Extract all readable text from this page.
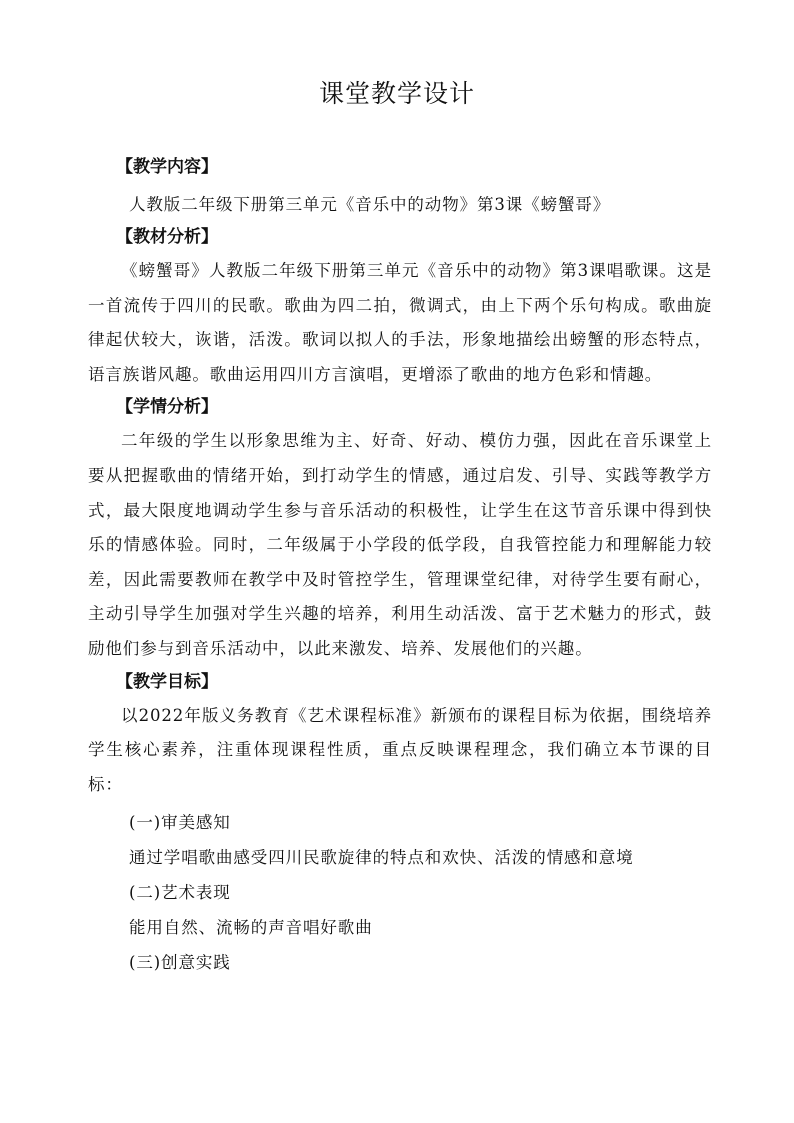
课堂教学设计

【教学内容】

人教版二年级下册第三单元《音乐中的动物》第3课《螃蟹哥》

【教材分析】

《螃蟹哥》人教版二年级下册第三单元《音乐中的动物》第3课唱歌课。这是一首流传于四川的民歌。歌曲为四二拍，微调式，由上下两个乐句构成。歌曲旋律起伏较大，诙谐，活泼。歌词以拟人的手法，形象地描绘出螃蟹的形态特点，语言族谐风趣。歌曲运用四川方言演唱，更增添了歌曲的地方色彩和情趣。

【学情分析】

二年级的学生以形象思维为主、好奇、好动、模仿力强，因此在音乐课堂上要从把握歌曲的情绪开始，到打动学生的情感，通过启发、引导、实践等教学方式，最大限度地调动学生参与音乐活动的积极性，让学生在这节音乐课中得到快乐的情感体验。同时，二年级属于小学段的低学段，自我管控能力和理解能力较差，因此需要教师在教学中及时管控学生，管理课堂纪律，对待学生要有耐心，主动引导学生加强对学生兴趣的培养，利用生动活泼、富于艺术魅力的形式，鼓励他们参与到音乐活动中，以此来激发、培养、发展他们的兴趣。

【教学目标】

以2022年版义务教育《艺术课程标准》新颁布的课程目标为依据，围绕培养学生核心素养，注重体现课程性质，重点反映课程理念，我们确立本节课的目标：

(一)审美感知

通过学唱歌曲感受四川民歌旋律的特点和欢快、活泼的情感和意境

(二)艺术表现

能用自然、流畅的声音唱好歌曲

(三)创意实践
